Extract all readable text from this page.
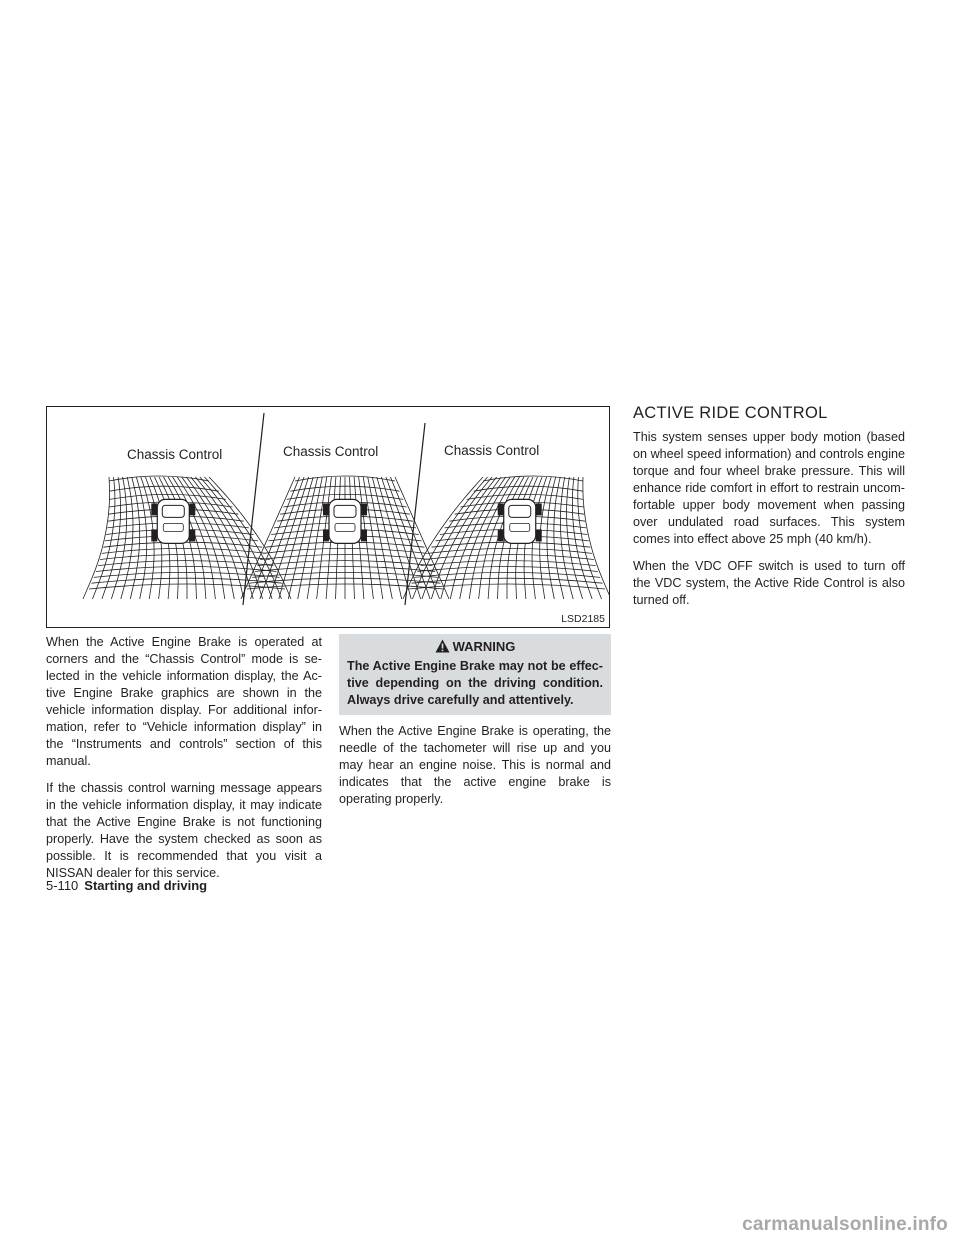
Chassis Control	Chassis Control	Chassis Control
LSD2185

When the Active Engine Brake is operated at corners and the “Chassis Control” mode is se- lected in the vehicle information display, the Ac- tive Engine Brake graphics are shown in the vehicle information display. For additional infor- mation, refer to “Vehicle information display” in the “Instruments and controls” section of this manual.

If the chassis control warning message appears in the vehicle information display, it may indicate that the Active Engine Brake is not functioning properly. Have the system checked as soon as possible. It is recommended that you visit a NISSAN dealer for this service.

WARNING
The Active Engine Brake may not be effec- tive depending on the driving condition. Always drive carefully and attentively.

When the Active Engine Brake is operating, the needle of the tachometer will rise up and you may hear an engine noise. This is normal and indicates that the active engine brake is operating properly.

ACTIVE RIDE CONTROL

This system senses upper body motion (based on wheel speed information) and controls engine torque and four wheel brake pressure. This will enhance ride comfort in effort to restrain uncom- fortable upper body movement when passing over undulated road surfaces. This system comes into effect above 25 mph (40 km/h).

When the VDC OFF switch is used to turn off the VDC system, the Active Ride Control is also turned off.

5-110 Starting and driving
carmanualsonline.info
